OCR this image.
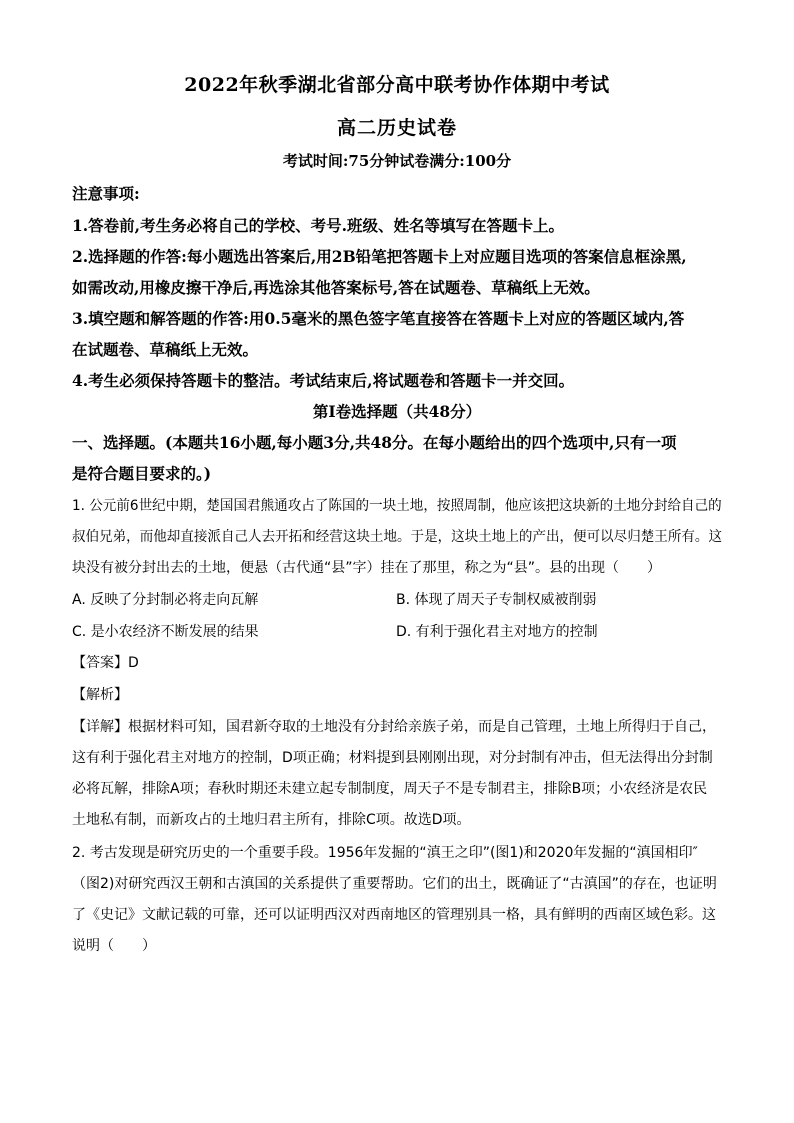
2022年秋季湖北省部分高中联考协作体期中考试
高二历史试卷
考试时间:75分钟试卷满分:100分
注意事项:
1.答卷前,考生务必将自己的学校、考号.班级、姓名等填写在答题卡上。
2.选择题的作答:每小题选出答案后,用2B铅笔把答题卡上对应题目选项的答案信息框涂黑,
如需改动,用橡皮擦干净后,再选涂其他答案标号,答在试题卷、草稿纸上无效。
3.填空题和解答题的作答:用0.5毫米的黑色签字笔直接答在答题卡上对应的答题区域内,答
在试题卷、草稿纸上无效。
4.考生必须保持答题卡的整洁。考试结束后,将试题卷和答题卡一并交回。
第I卷选择题（共48分）
一、选择题。(本题共16小题,每小题3分,共48分。在每小题给出的四个选项中,只有一项
是符合题目要求的。)
1. 公元前6世纪中期，楚国国君熊通攻占了陈国的一块土地，按照周制，他应该把这块新的土地分封给自己的
叔伯兄弟，而他却直接派自己人去开拓和经营这块土地。于是，这块土地上的产出，便可以尽归楚王所有。这
块没有被分封出去的土地，便悬（古代通“县”字）挂在了那里，称之为“县”。县的出现（　　）
A. 反映了分封制必将走向瓦解	B. 体现了周天子专制权威被削弱
C. 是小农经济不断发展的结果	D. 有利于强化君主对地方的控制
【答案】D
【解析】
【详解】根据材料可知，国君新夺取的土地没有分封给亲族子弟，而是自己管理，土地上所得归于自己，
这有利于强化君主对地方的控制，D项正确；材料提到县刚刚出现，对分封制有冲击，但无法得出分封制
必将瓦解，排除A项；春秋时期还未建立起专制制度，周天子不是专制君主，排除B项；小农经济是农民
土地私有制，而新攻占的土地归君主所有，排除C项。故选D项。
2. 考古发现是研究历史的一个重要手段。1956年发掘的“滇王之印”(图1)和2020年发掘的“滇国相印″
（图2)对研究西汉王朝和古滇国的关系提供了重要帮助。它们的出土，既确证了“古滇国”的存在，也证明
了《史记》文献记载的可靠，还可以证明西汉对西南地区的管理别具一格，具有鲜明的西南区域色彩。这
说明（　　）
